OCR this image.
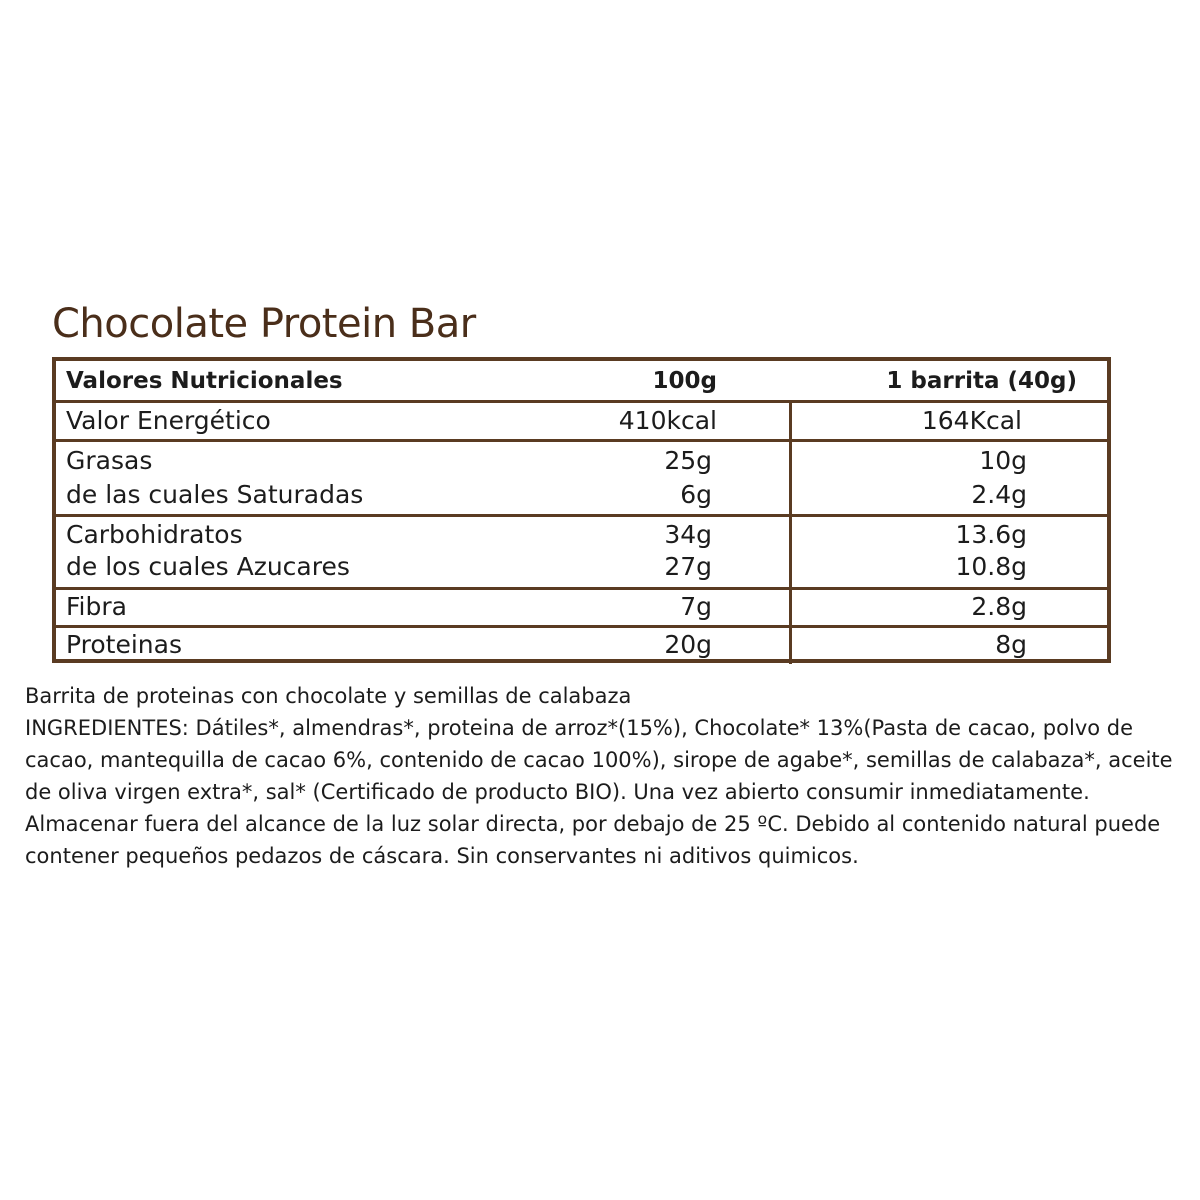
Chocolate Protein Bar
Valores Nutricionales	100g	1 barrita (40g)
Valor Energético	410kcal	164Kcal
Grasas	25g	10g
de las cuales Saturadas	6g	2.4g
Carbohidratos	34g	13.6g
de los cuales Azucares	27g	10.8g
Fibra	7g	2.8g
Proteinas	20g	8g

Barrita de proteinas con chocolate y semillas de calabaza

INGREDIENTES: Dátiles*, almendras*, proteina de arroz*(15%), Chocolate* 13%(Pasta de cacao, polvo de cacao, mantequilla de cacao 6%, contenido de cacao 100%), sirope de agabe*, semillas de calabaza*, aceite de oliva virgen extra*, sal* (Certificado de producto BIO). Una vez abierto consumir inmediatamente. Almacenar fuera del alcance de la luz solar directa, por debajo de 25 ºC. Debido al contenido natural puede contener pequeños pedazos de cáscara. Sin conservantes ni aditivos quimicos.
